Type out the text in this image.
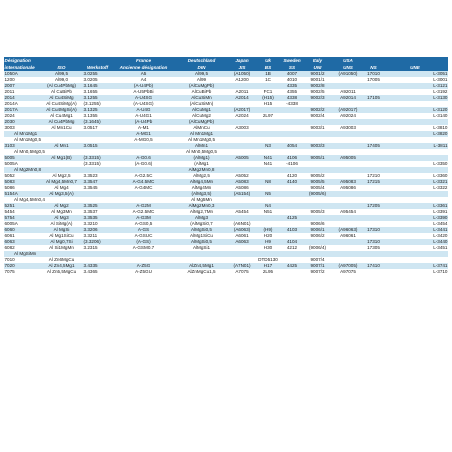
Désignation			France	Deutschland	Japan	Uk	Sweden	Italy	USA		
internationale	ISO	Werkstoff	Ancienne désignation	DIN	JIS	BS	SS	UNI	UNS	NS	UNE
1050A	Al99,5	3.0255	A5	Al99,5	(A1050)	1B	4007	9001/2	(A91050)	17010	L-3051
1200	Al99,0	3.0205	A4	Al99	A1200	1C	4010	9001/1		17005	L-3001
2007	(Al Cu4PbMg)	3.1645	(A-U4Pb)	(AlCuMgPb)			4335	9002/8			L-3121
2011	Al CuBiPb	3.1655	A-U5PbBi	AlCuBiPb	A2011	FC1	4355	9002/5	A92011		L-3192
2014	Al Cu4SiMg	3.1255	A-U4SG	AlCuSiMn	A2014	(H15)	4338	9002/3	A92014	17105	L-3130
2014A	Al Cu4SiMg(A)	(3.1255)	(A-U4SG)	(AlCuSiMn)		H15	-4338				
2017A	Al Cu4MgSi(A)	3.1325	A-U4G	AlCuMg1	(A2017)			9002/2	(A92017)		L-3120
2024	Al Cu4Mg1	3.1355	A-U4G1	AlCuMg2	A2024	2L97		9002/4	A92024		L-3140
2030	Al Cu4PbMg	(3.1645)	(A-U4Pb	(AlCuMgPb)							
3003	Al Mn1Cu	3.0517	A-M1	AlMnCu	A3003			9003/1	A93003		L-3810
Al Mn1Mg1			A-MG1	Al Mn1Mg1							L-3820
Al Mn1Mg0,5			A-MG0,5	Al Mn1Mg0,5							
3103	Al Mn1	3.0515		AlMn1		N3	4054	9003/3		17405	L-3811
Al Mn0,5Mg0,5				Al Mn0,5Mg0,5							
5005	Al Mg1(B)	(3.3315)	A-G0.6	(AlMg1)	A5005	N41	4106	9005/1	A95005		
5005A		(3.3315)	(A-G0.6)	(AlMg1		N41	-4106				L-3350
Al Mg2Mn0,8				AlMg2Mn0,8							
5052	Al Mg2,5	3.3523	A-G2.5C	AlMg2,5	A5052		4120	9005/2		17210	L-3360
5083	Al Mg4,5Mn0,7	3.3547	A-G4.5MC	AlMg4,5Mn	A5083	N8	4140	9005/5	A95083	17215	L-3321
5086	Al Mg4	3.3545	A-G4MC	AlMg4Mn	A5086			9005/4	A95086		L-3322
5154A	Al Mg3,5(A)			(AlMg3,5)	(A5154)	N5		(9005/6)			
Al Mg4,5Mn0,4				Al Mg5Mn							
5251	Al Mg2	3.3525	A-G2M	AlMg2Mn0,3		N4				17205	L-3361
5454	Al Mg3Mn	3.3537	A-G2.5MC	AlMg2,7Mn	A5454	N51		9005/3	A95454		L-3391
5754	Al Mg3	3.3535	A-G3M	AlMg3			4125				L-3390
6005A	Al SiMg(A)	3.3210	A-GS0,5	(AlMgSi0,7	(A6N01)			9006/6			L-3454
6060	Al MgSi	3.3206	A-GS	AlMgSi0,5	(A6063)	(H9)	4103	9006/1	(A96063)	17310	L-3441
6061	Al Mg1SiCu	3.3211	A-GSUC	AlMg1SiCu	A6061	H20		9006/2	A96061		L-3420
6063	Al Mg0,7Si	(3.3206)	(A-GS)	AlMgSi0,5	A6063	H9	4104			17310	L-3440
6082	Al Si1MgMn	3.2315	A-GSM0.7	AlMgSi1		H30	4212	(9006/4)		17305	L-3451
Al MgSiMn											
7010	Al Zn6MgCu					DTD5130		9007/4			
7020	Al Zn4,5Mg1	3.4335	A-Z5G	AlZn4,5Mg1	(A7N01)	H17	4425	9007/1	(A97005)	17410	L-3741
7075	Al Zn5,5MgCu	3.4365	A-Z5GU	AlZnMgCu1,5	A7075	2L95		9007/2	A97075		L-3710
